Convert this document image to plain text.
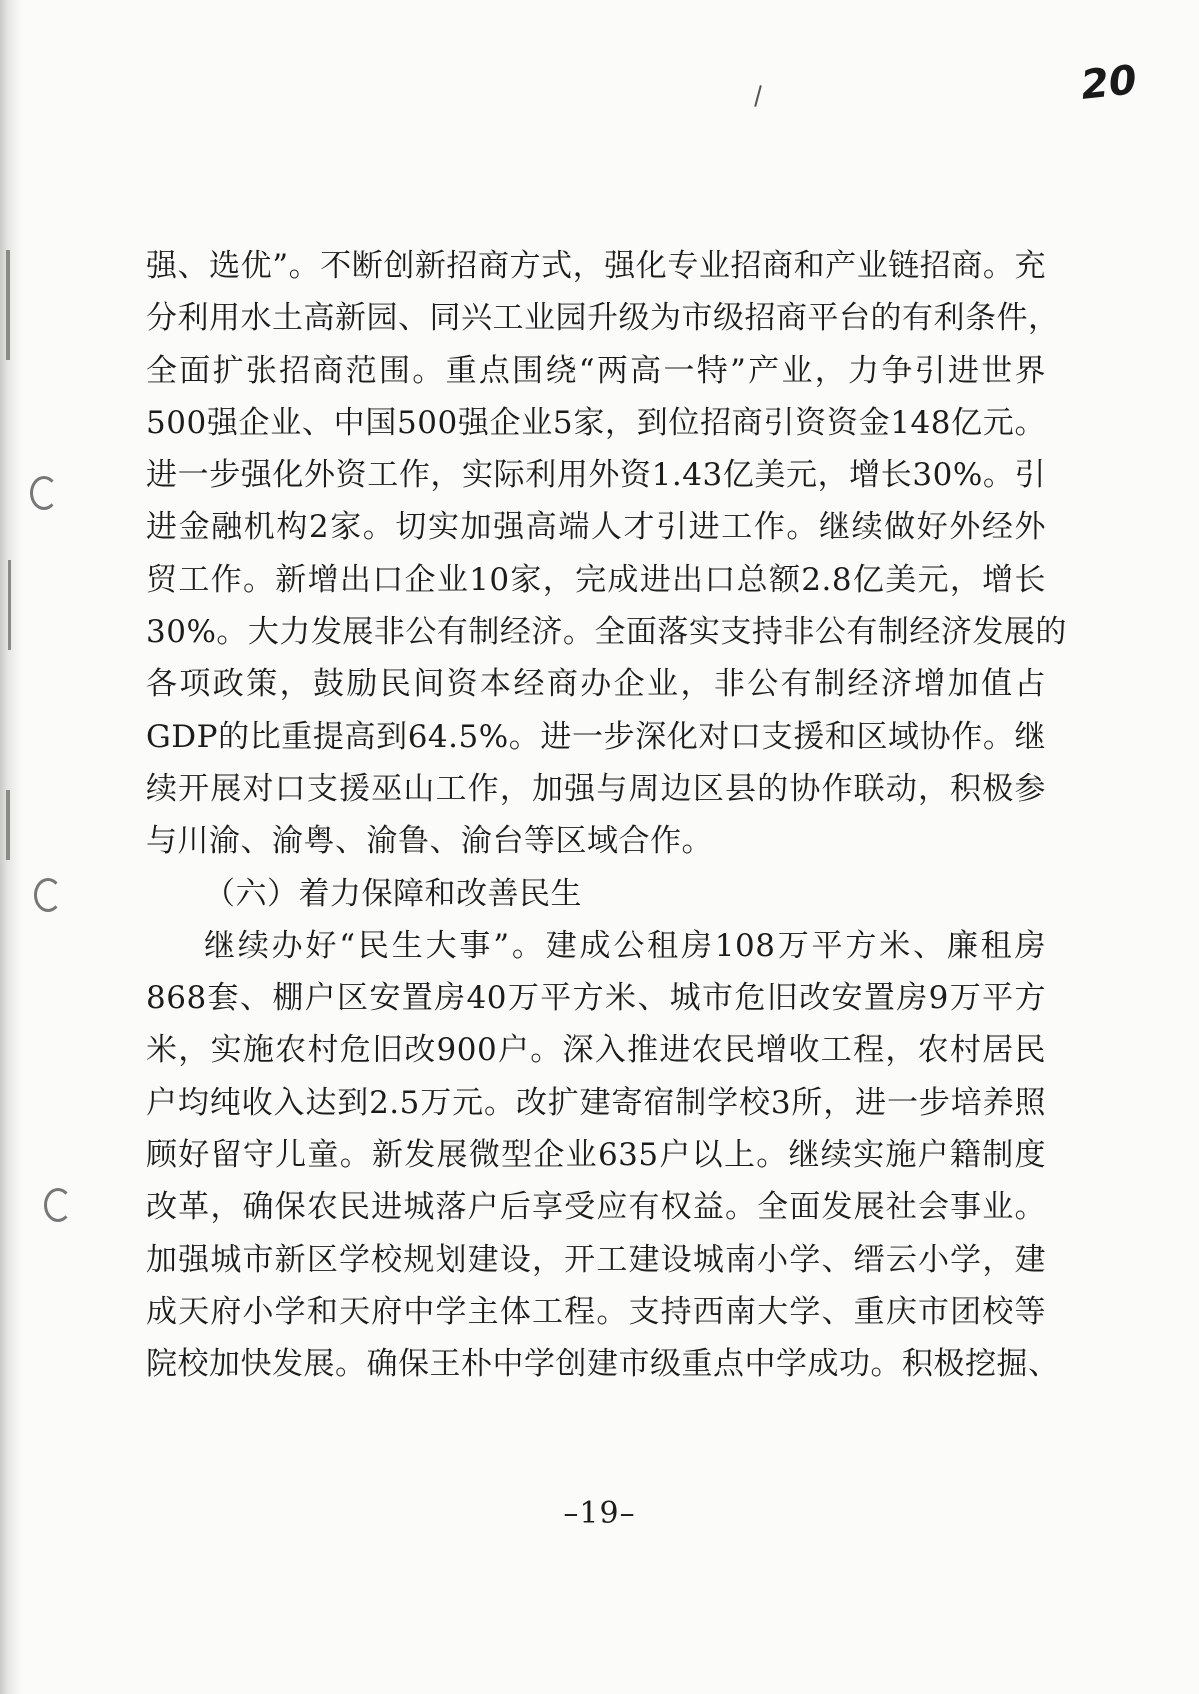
20
强、选优”。不断创新招商方式，强化专业招商和产业链招商。充
分利用水土高新园、同兴工业园升级为市级招商平台的有利条件，
全面扩张招商范围。重点围绕“两高一特”产业，力争引进世界
500强企业、中国500强企业5家，到位招商引资资金148亿元。
进一步强化外资工作，实际利用外资1.43亿美元，增长30%。引
进金融机构2家。切实加强高端人才引进工作。继续做好外经外
贸工作。新增出口企业10家，完成进出口总额2.8亿美元，增长
30%。大力发展非公有制经济。全面落实支持非公有制经济发展的
各项政策，鼓励民间资本经商办企业，非公有制经济增加值占
GDP的比重提高到64.5%。进一步深化对口支援和区域协作。继
续开展对口支援巫山工作，加强与周边区县的协作联动，积极参
与川渝、渝粤、渝鲁、渝台等区域合作。
（六）着力保障和改善民生
继续办好“民生大事”。建成公租房108万平方米、廉租房
868套、棚户区安置房40万平方米、城市危旧改安置房9万平方
米，实施农村危旧改900户。深入推进农民增收工程，农村居民
户均纯收入达到2.5万元。改扩建寄宿制学校3所，进一步培养照
顾好留守儿童。新发展微型企业635户以上。继续实施户籍制度
改革，确保农民进城落户后享受应有权益。全面发展社会事业。
加强城市新区学校规划建设，开工建设城南小学、缙云小学，建
成天府小学和天府中学主体工程。支持西南大学、重庆市团校等
院校加快发展。确保王朴中学创建市级重点中学成功。积极挖掘、
–19–
